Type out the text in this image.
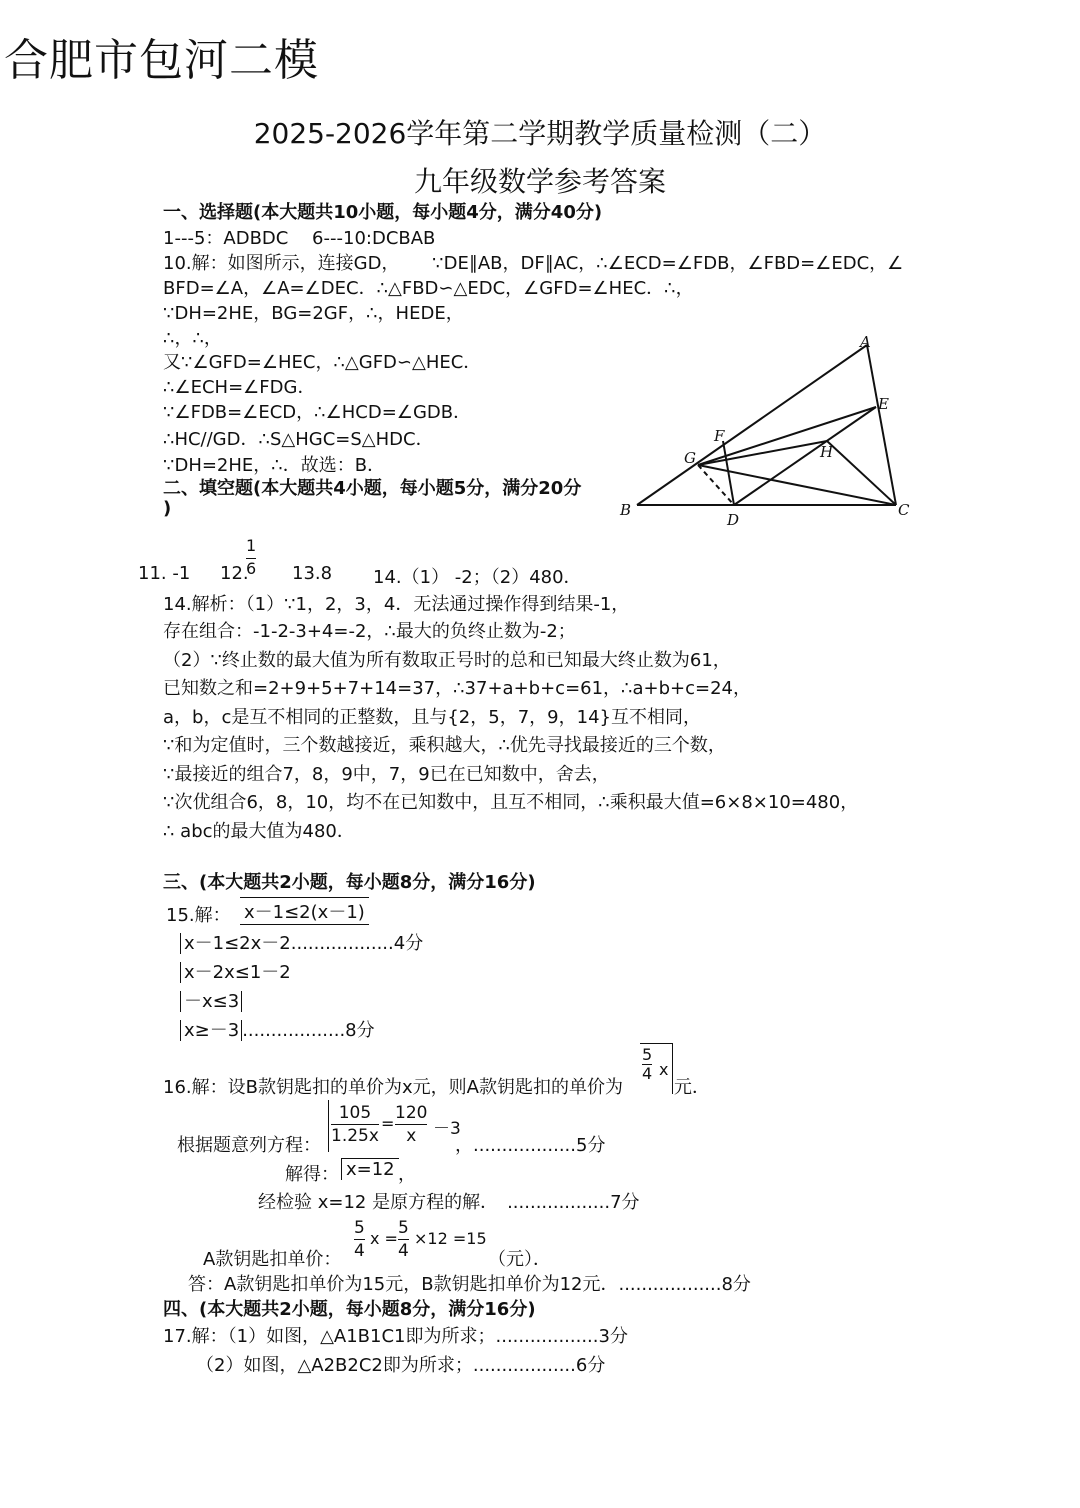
合肥市包河二模
2025-2026学年第二学期教学质量检测（二）
九年级数学参考答案
一、选择题(本大题共10小题，每小题4分，满分40分)
1---5：ADBDC　 6---10:DCBAB
10.解：如图所示，连接GD，　　 ∵DE∥AB，DF∥AC，∴∠ECD=∠FDB，∠FBD=∠EDC，∠
BFD=∠A，∠A=∠DEC．∴△FBD∽△EDC，∠GFD=∠HEC．∴，
∵DH=2HE，BG=2GF，∴，HEDE，
∴，∴，
又∵∠GFD=∠HEC，∴△GFD∽△HEC．
∴∠ECH=∠FDG．
∵∠FDB=∠ECD，∴∠HCD=∠GDB．
∴HC//GD．∴S△HGC=S△HDC．
∵DH=2HE，∴．故选：B．
A
E
F
H
G
B
D
C
二、填空题(本大题共4小题，每小题5分，满分20分
)
11. -1 12.
$\frac{1}{6} 13.8$ 14.（1） -2；（2）480．
14.解析：（1）∵1，2，3，4．无法通过操作得到结果-1，
存在组合：-1-2-3+4=-2，∴最大的负终止数为-2；
（2）∵终止数的最大值为所有数取正号时的总和已知最大终止数为61，
已知数之和=2+9+5+7+14=37，∴37+a+b+c=61，∴a+b+c=24，
a，b，c是互不相同的正整数，且与{2，5，7，9，14}互不相同，
∵和为定值时，三个数越接近，乘积越大，∴优先寻找最接近的三个数，
∵最接近的组合7，8，9中，7，9已在已知数中，舍去，
∵次优组合6，8，10，均不在已知数中，且互不相同，∴乘积最大值=6×8×10=480，
∴ abc的最大值为480．
三、(本大题共2小题，每小题8分，满分16分)
15.解： x－1≤2(x－1)
x－1≤2x－2..................4分
x－2x≤1－2
－x≤3
x≥－3 ..................8分
16.解：设B款钥匙扣的单价为x元，则A款钥匙扣的单价为
$\frac{5}{4}$ x
元．
根据题意列方程： $\frac{105}{1.25x} = \frac{120}{x} -3$
，..................5分
解得： x=12 ，
经检验 x=12 是原方程的解．　..................7分
A款钥匙扣单价： $\frac{5}{4}$ $x = \frac{5}{4} \times 12 =15$
（元）．
答：A款钥匙扣单价为15元，B款钥匙扣单价为12元．..................8分
四、(本大题共2小题，每小题8分，满分16分)
17.解：（1）如图，△A1B1C1即为所求；..................3分
（2）如图，△A2B2C2即为所求；..................6分
